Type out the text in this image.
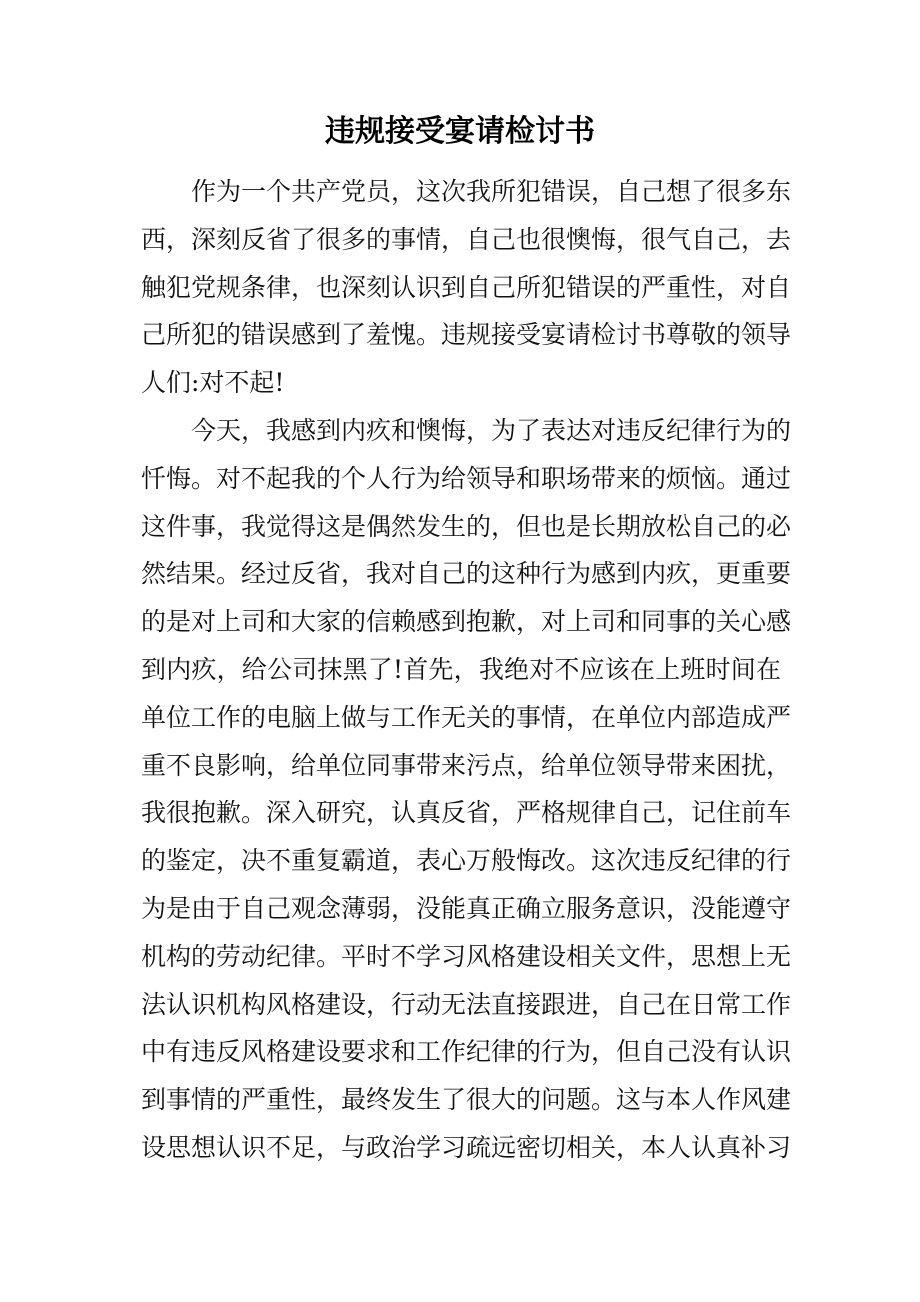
违规接受宴请检讨书
作为一个共产党员，这次我所犯错误，自己想了很多东
西，深刻反省了很多的事情，自己也很懊悔，很气自己，去
触犯党规条律，也深刻认识到自己所犯错误的严重性，对自
己所犯的错误感到了羞愧。违规接受宴请检讨书尊敬的领导
人们:对不起!
今天，我感到内疚和懊悔，为了表达对违反纪律行为的
忏悔。对不起我的个人行为给领导和职场带来的烦恼。通过
这件事，我觉得这是偶然发生的，但也是长期放松自己的必
然结果。经过反省，我对自己的这种行为感到内疚，更重要
的是对上司和大家的信赖感到抱歉，对上司和同事的关心感
到内疚，给公司抹黑了!首先，我绝对不应该在上班时间在
单位工作的电脑上做与工作无关的事情，在单位内部造成严
重不良影响，给单位同事带来污点，给单位领导带来困扰，
我很抱歉。深入研究，认真反省，严格规律自己，记住前车
的鉴定，决不重复霸道，表心万般悔改。这次违反纪律的行
为是由于自己观念薄弱，没能真正确立服务意识，没能遵守
机构的劳动纪律。平时不学习风格建设相关文件，思想上无
法认识机构风格建设，行动无法直接跟进，自己在日常工作
中有违反风格建设要求和工作纪律的行为，但自己没有认识
到事情的严重性，最终发生了很大的问题。这与本人作风建
设思想认识不足，与政治学习疏远密切相关，本人认真补习
